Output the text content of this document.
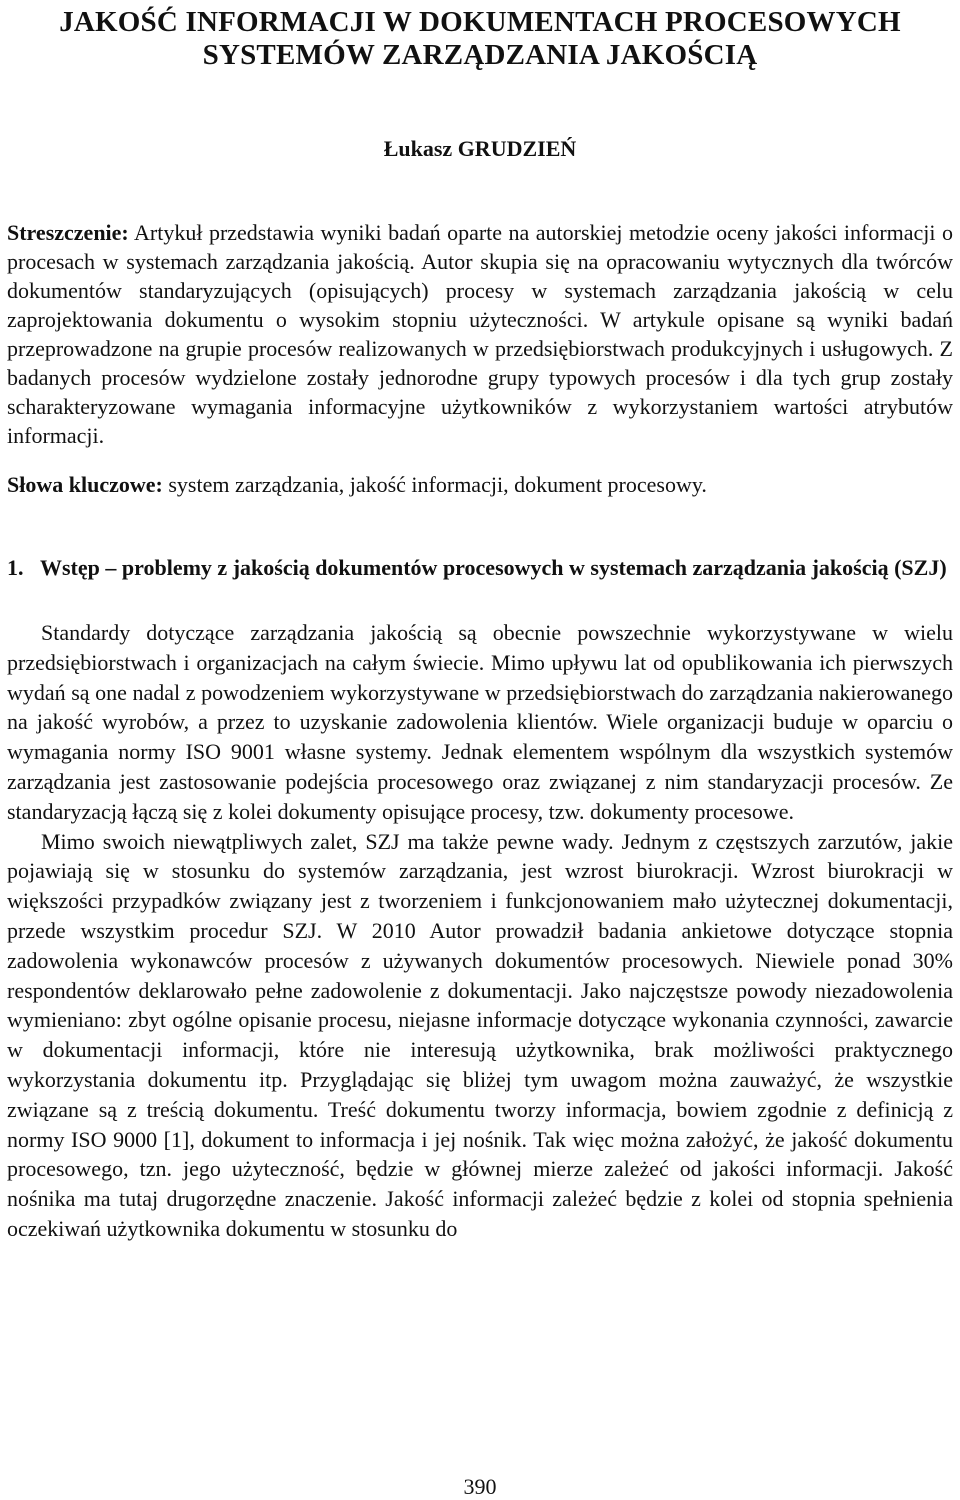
JAKOŚĆ INFORMACJI W DOKUMENTACH PROCESOWYCH
SYSTEMÓW ZARZĄDZANIA JAKOŚCIĄ
Łukasz GRUDZIEŃ
Streszczenie: Artykuł przedstawia wyniki badań oparte na autorskiej metodzie oceny jakości informacji o procesach w systemach zarządzania jakością. Autor skupia się na opracowaniu wytycznych dla twórców dokumentów standaryzujących (opisujących) procesy w systemach zarządzania jakością w celu zaprojektowania dokumentu o wysokim stopniu użyteczności. W artykule opisane są wyniki badań przeprowadzone na grupie procesów realizowanych w przedsiębiorstwach produkcyjnych i usługowych. Z badanych procesów wydzielone zostały jednorodne grupy typowych procesów i dla tych grup zostały scharakteryzowane wymagania informacyjne użytkowników z wykorzystaniem wartości atrybutów informacji.
Słowa kluczowe: system zarządzania, jakość informacji, dokument procesowy.
1. Wstęp – problemy z jakością dokumentów procesowych w systemach zarządzania jakością (SZJ)

Standardy dotyczące zarządzania jakością są obecnie powszechnie wykorzystywane w wielu przedsiębiorstwach i organizacjach na całym świecie. Mimo upływu lat od opublikowania ich pierwszych wydań są one nadal z powodzeniem wykorzystywane w przedsiębiorstwach do zarządzania nakierowanego na jakość wyrobów, a przez to uzyskanie zadowolenia klientów. Wiele organizacji buduje w oparciu o wymagania normy ISO 9001 własne systemy. Jednak elementem wspólnym dla wszystkich systemów zarządzania jest zastosowanie podejścia procesowego oraz związanej z nim standaryzacji procesów. Ze standaryzacją łączą się z kolei dokumenty opisujące procesy, tzw. dokumenty procesowe.

Mimo swoich niewątpliwych zalet, SZJ ma także pewne wady. Jednym z częstszych zarzutów, jakie pojawiają się w stosunku do systemów zarządzania, jest wzrost biurokracji. Wzrost biurokracji w większości przypadków związany jest z tworzeniem i funkcjonowaniem mało użytecznej dokumentacji, przede wszystkim procedur SZJ. W 2010 Autor prowadził badania ankietowe dotyczące stopnia zadowolenia wykonawców procesów z używanych dokumentów procesowych. Niewiele ponad 30% respondentów deklarowało pełne zadowolenie z dokumentacji. Jako najczęstsze powody niezadowolenia wymieniano: zbyt ogólne opisanie procesu, niejasne informacje dotyczące wykonania czynności, zawarcie w dokumentacji informacji, które nie interesują użytkownika, brak możliwości praktycznego wykorzystania dokumentu itp. Przyglądając się bliżej tym uwagom można zauważyć, że wszystkie związane są z treścią dokumentu. Treść dokumentu tworzy informacja, bowiem zgodnie z definicją z normy ISO 9000 [1], dokument to informacja i jej nośnik. Tak więc można założyć, że jakość dokumentu procesowego, tzn. jego użyteczność, będzie w głównej mierze zależeć od jakości informacji. Jakość nośnika ma tutaj drugorzędne znaczenie. Jakość informacji zależeć będzie z kolei od stopnia spełnienia oczekiwań użytkownika dokumentu w stosunku do

390
